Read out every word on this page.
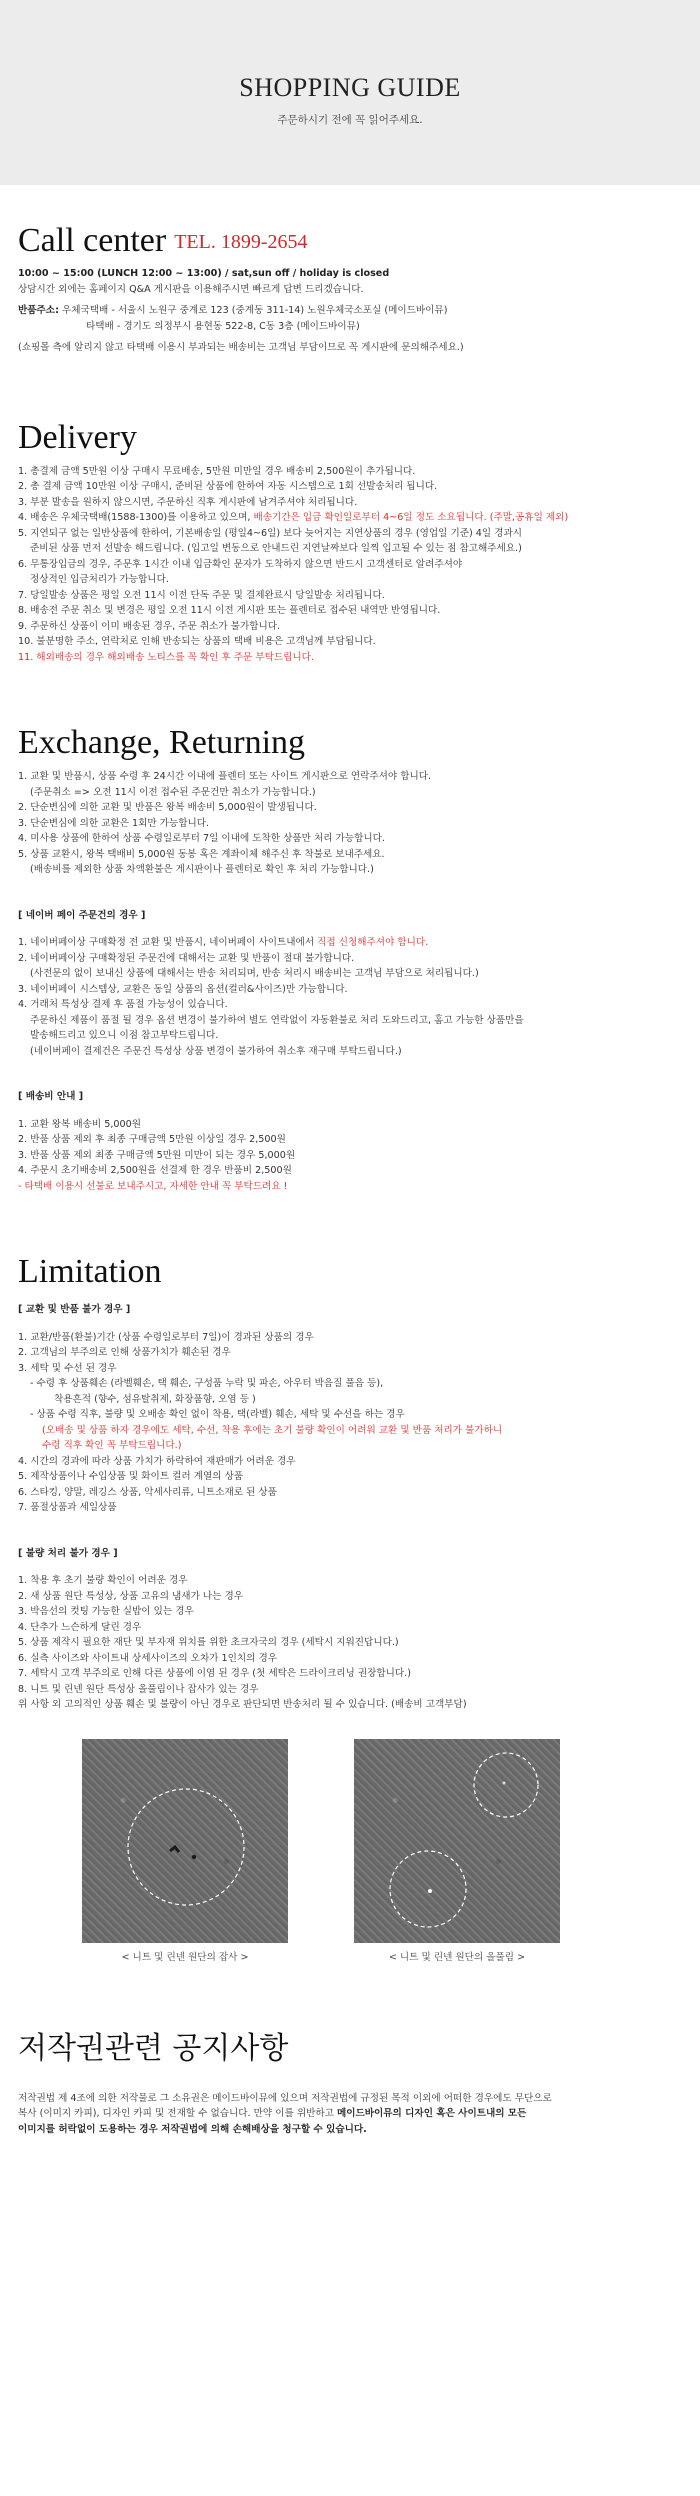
SHOPPING GUIDE
주문하시기 전에 꼭 읽어주세요.
Call center TEL. 1899-2654
10:00 ~ 15:00 (LUNCH 12:00 ~ 13:00) / sat,sun off / holiday is closed
상담시간 외에는 홈페이지 Q&A 게시판을 이용해주시면 빠르게 답변 드리겠습니다.
반품주소: 우체국택배 - 서울시 노원구 중계로 123 (중계동 311-14) 노원우체국소포실 (메이드바이뮤)
타택배 - 경기도 의정부시 용현동 522-8, C동 3층 (메이드바이뮤)
(쇼핑몰 측에 알리지 않고 타택배 이용시 부과되는 배송비는 고객님 부담이므로 꼭 게시판에 문의해주세요.)
Delivery
1. 총결제 금액 5만원 이상 구매시 무료배송, 5만원 미만일 경우 배송비 2,500원이 추가됩니다.
2. 총 결제 금액 10만원 이상 구매시, 준비된 상품에 한하여 자동 시스템으로 1회 선발송처리 됩니다.
3. 부분 발송을 원하지 않으시면, 주문하신 직후 게시판에 남겨주셔야 처리됩니다.
4. 배송은 우체국택배(1588-1300)를 이용하고 있으며, 배송기간은 입금 확인일로부터 4~6일 정도 소요됩니다. (주말,공휴일 제외)
5. 지연되구 없는 일반상품에 한하여, 기본배송일 (평일4~6일) 보다 늦어지는 지연상품의 경우 (영업일 기준) 4일 경과시
준비된 상품 먼저 선발송 해드립니다. (입고일 변동으로 안내드린 지연날짜보다 일찍 입고될 수 있는 점 참고해주세요.)
6. 무통장입금의 경우, 주문후 1시간 이내 입금확인 문자가 도착하지 않으면 반드시 고객센터로 알려주셔야
정상적인 입금처리가 가능합니다.
7. 당일발송 상품은 평일 오전 11시 이전 단독 주문 및 결제완료시 당일발송 처리됩니다.
8. 배송전 주문 취소 및 변경은 평일 오전 11시 이전 게시판 또는 플렌터로 접수된 내역만 반영됩니다.
9. 주문하신 상품이 이미 배송된 경우, 주문 취소가 불가합니다.
10. 불분명한 주소, 연락처로 인해 반송되는 상품의 택배 비용은 고객님께 부담됩니다.
11. 해외배송의 경우 해외배송 노티스를 꼭 확인 후 주문 부탁드립니다.
Exchange, Returning
1. 교환 및 반품시, 상품 수령 후 24시간 이내에 플렌터 또는 사이트 게시판으로 연락주셔야 합니다.
(주문취소 => 오전 11시 이전 접수된 주문건만 취소가 가능합니다.)
2. 단순변심에 의한 교환 및 반품은 왕복 배송비 5,000원이 발생됩니다.
3. 단순변심에 의한 교환은 1회만 가능합니다.
4. 미사용 상품에 한하여 상품 수령일로부터 7일 이내에 도착한 상품만 처리 가능합니다.
5. 상품 교환시, 왕복 택배비 5,000원 동봉 혹은 계좌이체 해주신 후 착불로 보내주세요.
(배송비를 제외한 상품 차액환불은 게시판이나 플렌터로 확인 후 처리 가능합니다.)
[ 네이버 페이 주문건의 경우 ]
1. 네이버페이상 구매확정 전 교환 및 반품시, 네이버페이 사이트내에서 직접 신청해주셔야 합니다.
2. 네이버페이상 구매확정된 주문건에 대해서는 교환 및 반품이 절대 불가합니다.
(사전문의 없이 보내신 상품에 대해서는 반송 처리되며, 반송 처리시 배송비는 고객님 부담으로 처리됩니다.)
3. 네이버페이 시스템상, 교환은 동일 상품의 옵션(컬러&사이즈)만 가능합니다.
4. 거래처 특성상 결제 후 품절 가능성이 있습니다.
주문하신 제품이 품절 될 경우 옵션 변경이 불가하여 별도 연락없이 자동환불로 처리 도와드리고, 홈고 가능한 상품만을
발송해드리고 있으니 이점 참고부탁드립니다.
(네이버페이 결제건은 주문건 특성상 상품 변경이 불가하여 취소후 재구매 부탁드립니다.)
[ 배송비 안내 ]
1. 교환 왕복 배송비 5,000원
2. 반품 상품 제외 후 최종 구매금액 5만원 이상일 경우 2,500원
3. 반품 상품 제외 최종 구매금액 5만원 미만이 되는 경우 5,000원
4. 주문시 초기배송비 2,500원을 선결제 한 경우 반품비 2,500원
- 타택배 이용시 선불로 보내주시고, 자세한 안내 꼭 부탁드려요 !
Limitation
[ 교환 및 반품 불가 경우 ]
1. 교환/반품(환불)기간 (상품 수령일로부터 7일)이 경과된 상품의 경우
2. 고객님의 부주의로 인해 상품가치가 훼손된 경우
3. 세탁 및 수선 된 경우
- 수령 후 상품훼손 (라벨훼손, 택 훼손, 구성품 누락 및 파손, 아우터 박음질 풀음 등),
착용흔적 (향수, 섬유탈취제, 화장품향, 오염 등 )
- 상품 수령 직후, 불량 및 오배송 확인 없이 착용, 택(라벨) 훼손, 세탁 및 수선을 하는 경우
(오배송 및 상품 하자 경우에도 세탁, 수선, 착용 후에는 초기 불량 확인이 어려워 교환 및 반품 처리가 불가하니
수령 직후 확인 꼭 부탁드립니다.)
4. 시간의 경과에 따라 상품 가치가 하락하여 재판매가 어려운 경우
5. 제작상품이나 수입상품 및 화이트 컬러 계열의 상품
6. 스타킹, 양말, 레깅스 상품, 악세사리류, 니트소재로 된 상품
7. 품절상품과 세일상품
[ 불량 처리 불가 경우 ]
1. 착용 후 초기 불량 확인이 어려운 경우
2. 새 상품 원단 특성상, 상품 고유의 냄새가 나는 경우
3. 박음선의 컷팅 가능한 실밥이 있는 경우
4. 단추가 느슨하게 달린 경우
5. 상품 제작시 필요한 재단 및 부자재 위치를 위한 초크자국의 경우 (세탁시 지워진답니다.)
6. 실측 사이즈와 사이트내 상세사이즈의 오차가 1인치의 경우
7. 세탁시 고객 부주의로 인해 다른 상품에 이염 된 경우 (첫 세탁은 드라이크리닝 권장합니다.)
8. 니트 및 린넨 원단 특성상 올풀림이나 잡사가 있는 경우
위 사항 외 고의적인 상품 훼손 및 불량이 아닌 경우로 판단되면 반송처리 될 수 있습니다. (배송비 고객부담)
< 니트 및 린넨 원단의 잡사 >	< 니트 및 린넨 원단의 올풀림 >
저작권관련 공지사항
저작권법 제 4조에 의한 저작물로 그 소유권은 메이드바이뮤에 있으며 저작권법에 규정된 목적 이외에 어떠한 경우에도 무단으로
복사 (이미지 카피), 디자인 카피 및 전재할 수 없습니다. 만약 이를 위반하고 메이드바이뮤의 디자인 혹은 사이트내의 모든
이미지를 허락없이 도용하는 경우 저작권법에 의해 손해배상을 청구할 수 있습니다.
